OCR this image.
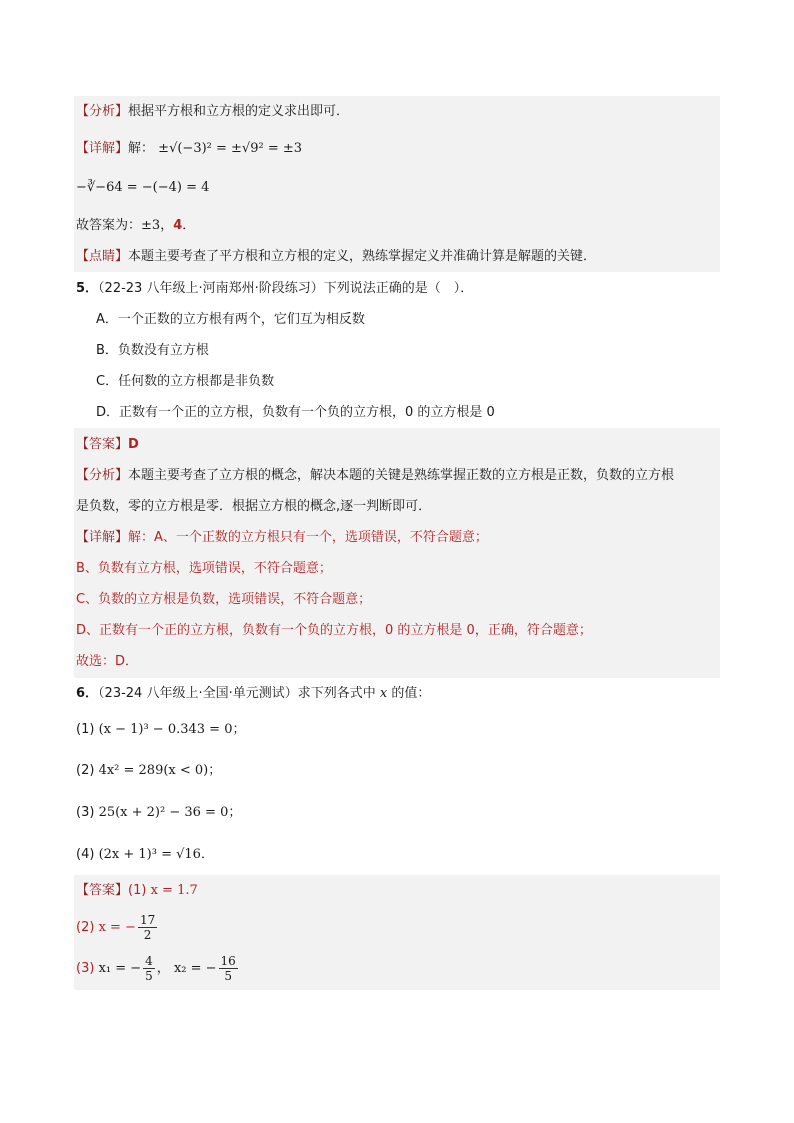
【分析】根据平方根和立方根的定义求出即可．
【详解】解： ±√(−3)² = ±√9² = ±3
−∛−64 = −(−4) = 4
故答案为：±3，4．
【点睛】本题主要考查了平方根和立方根的定义，熟练掌握定义并准确计算是解题的关键．
5．（22-23 八年级上·河南郑州·阶段练习）下列说法正确的是（　）．
A．一个正数的立方根有两个，它们互为相反数
B．负数没有立方根
C．任何数的立方根都是非负数
D．正数有一个正的立方根，负数有一个负的立方根，0 的立方根是 0
【答案】D
【分析】本题主要考查了立方根的概念，解决本题的关键是熟练掌握正数的立方根是正数，负数的立方根
是负数，零的立方根是零．根据立方根的概念,逐一判断即可．
【详解】解：A、一个正数的立方根只有一个，选项错误，不符合题意；
B、负数有立方根，选项错误，不符合题意；
C、负数的立方根是负数，选项错误，不符合题意；
D、正数有一个正的立方根，负数有一个负的立方根，0 的立方根是 0，正确，符合题意；
故选：D．
6．（23-24 八年级上·全国·单元测试）求下列各式中 x 的值：
(1) (x − 1)³ − 0.343 = 0；
(2) 4x² = 289(x < 0)；
(3) 25(x + 2)² − 36 = 0；
(4) (2x + 1)³ = √16．
【答案】(1) x = 1.7
(2) x = − $\frac{17}{2}$
(3) x₁ = − $\frac{4}{5}$ ， x₂ = − $\frac{16}{5}$
